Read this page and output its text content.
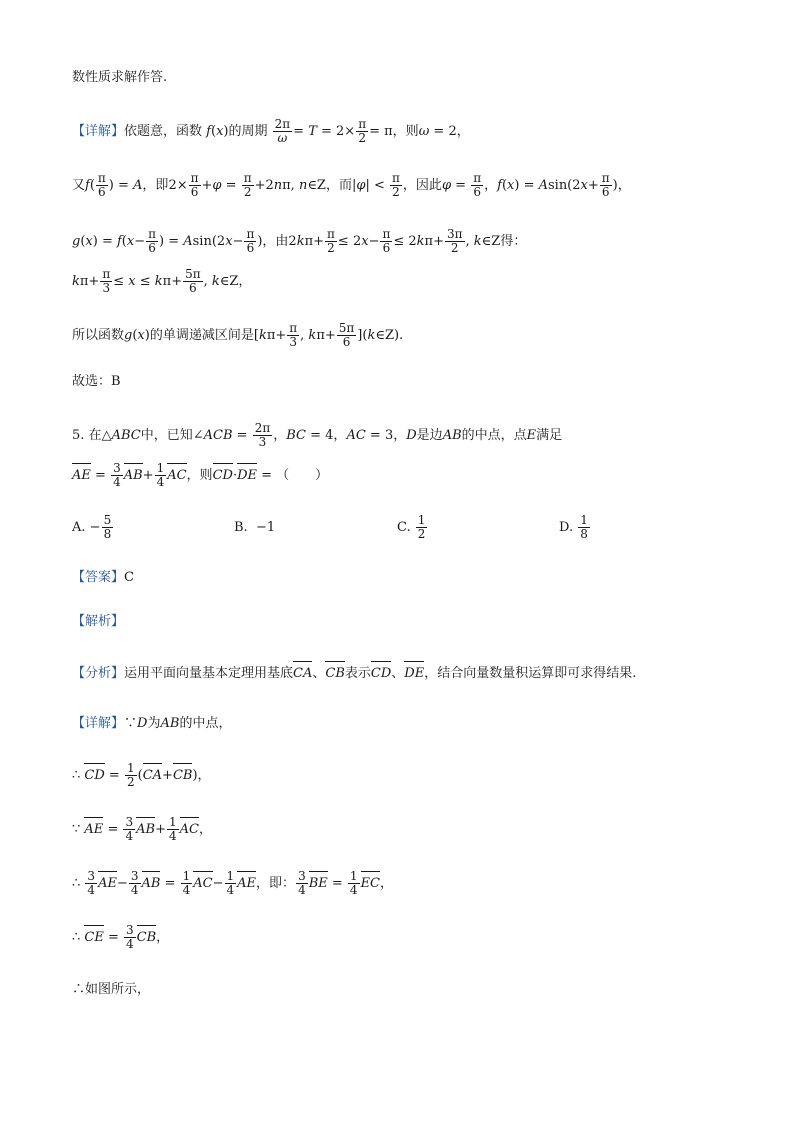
数性质求解作答.
【详解】依题意，函数 f(x)的周期 $\frac{2\pi}{\omega} = T = 2\times \frac{\pi}{2} = \pi$，则ω = 2，
又$f( \frac{\pi}{6}$ ) = A，即$2\times \frac{\pi}{6} +\varphi = \frac{\pi}{2} +2n\pi$, n∈Z，而$|\varphi| < \frac{\pi}{2}$ ，因此$\varphi = \frac{\pi}{6}$ ，$f(x) = Asin(2x+ \frac{\pi}{6}$ )，
$g(x) = f(x- \frac{\pi}{6}$ ) = $Asin(2x- \frac{\pi}{6}$ )，由$2k\pi+ \frac{\pi}{2} \le 2x- \frac{\pi}{6} \le 2k\pi+ \frac{3\pi}{2}$ , k∈Z得：
$k\pi+ \frac{\pi}{3} \le x \le k\pi+ \frac{5\pi}{6}$ , k∈Z，
所以函数g(x)的单调递减区间是[$k\pi+ \frac{\pi}{3}$ , $k\pi+ \frac{5\pi}{6}$ ](k∈Z).
故选：B
5. 在△ABC中，已知∠ACB = $\frac{2\pi}{3}$ ，BC = 4，AC = 3，D是边AB的中点，点E满足
AE = $\frac{3}{4} AB+ \frac{1}{4}$ AC，则CD·DE = （　　）
A. − $\frac{5}{8}$	B. −1	C. $\frac{1}{2}$	D. $\frac{1}{8}$
【答案】C
【解析】
【分析】运用平面向量基本定理用基底CA、CB表示CD、DE，结合向量数量积运算即可求得结果.
【详解】∵D为AB的中点，
∴ CD = $\frac{1}{2} (CA+CB)$，
∵ AE = $\frac{3}{4} AB+ \frac{1}{4}$ AC，
∴ $\frac{3}{4} AE- \frac{3}{4}$ AB = $\frac{1}{4} AC- \frac{1}{4}$ AE，即： $\frac{3}{4}$ BE = $\frac{1}{4}$ EC，
∴ CE = $\frac{3}{4}$ CB，
∴如图所示，
